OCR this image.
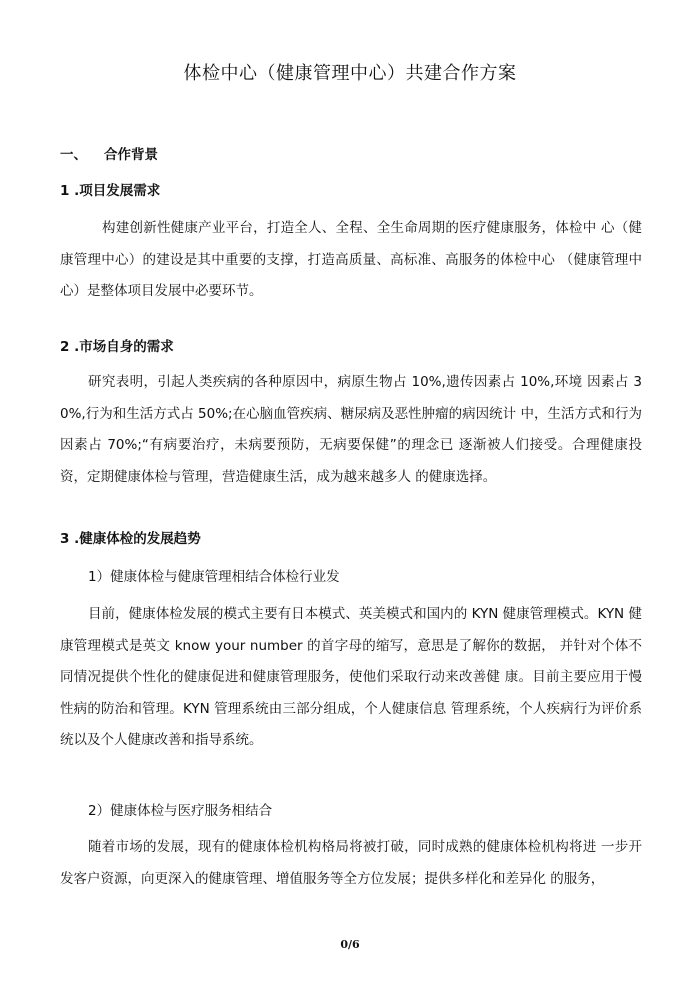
体检中心（健康管理中心）共建合作方案
一、 合作背景
1 .项目发展需求
构建创新性健康产业平台，打造全人、全程、全生命周期的医疗健康服务，体检中 心（健康管理中心）的建设是其中重要的支撑，打造高质量、高标准、高服务的体检中心 （健康管理中心）是整体项目发展中必要环节。
2 .市场自身的需求
研究表明，引起人类疾病的各种原因中，病原生物占 10%,遗传因素占 10%,环境 因素占 30%,行为和生活方式占 50%;在心脑血管疾病、糖尿病及恶性肿瘤的病因统计 中，生活方式和行为因素占 70%;“有病要治疗，未病要预防，无病要保健”的理念已 逐渐被人们接受。合理健康投资，定期健康体检与管理，营造健康生活，成为越来越多人 的健康选择。
3 .健康体检的发展趋势
1）健康体检与健康管理相结合体检行业发
目前，健康体检发展的模式主要有日本模式、英美模式和国内的 KYN 健康管理模式。KYN 健康管理模式是英文 know your number 的首字母的缩写，意思是了解你的数据， 并针对个体不同情况提供个性化的健康促进和健康管理服务，使他们采取行动来改善健 康。目前主要应用于慢性病的防治和管理。KYN 管理系统由三部分组成，个人健康信息 管理系统，个人疾病行为评价系统以及个人健康改善和指导系统。
2）健康体检与医疗服务相结合
随着市场的发展，现有的健康体检机构格局将被打破，同时成熟的健康体检机构将进 一步开发客户资源，向更深入的健康管理、增值服务等全方位发展；提供多样化和差异化 的服务，
0/6
